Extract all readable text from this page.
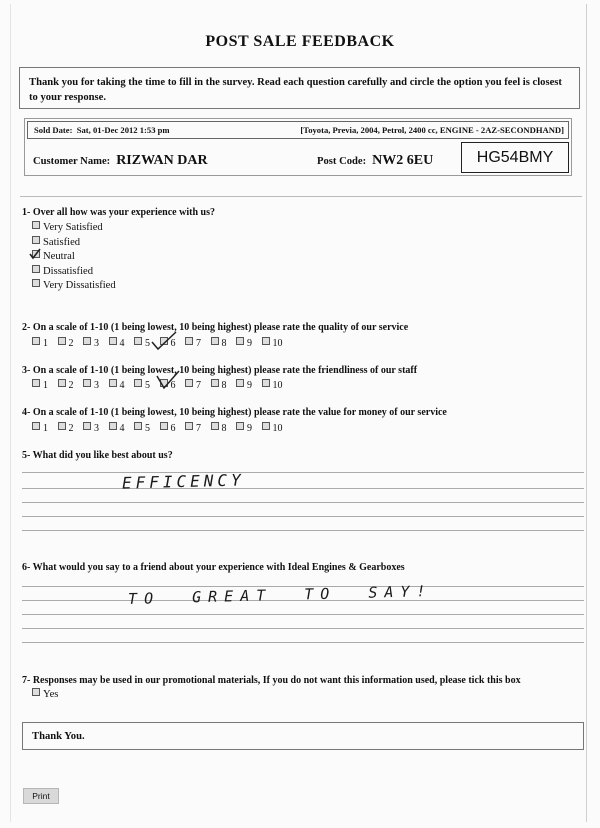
POST SALE FEEDBACK
Thank you for taking the time to fill in the survey. Read each question carefully and circle the option you feel is closest to your response.
Sold Date: Sat, 01-Dec 2012 1:53 pm	[Toyota, Previa, 2004, Petrol, 2400 cc, ENGINE - 2AZ-SECONDHAND]
Customer Name: RIZWAN DAR	Post Code: NW2 6EU	HG54BMY
1- Over all how was your experience with us?
Very Satisfied
Satisfied
Neutral
Dissatisfied
Very Dissatisfied
2- On a scale of 1-10 (1 being lowest, 10 being highest) please rate the quality of our service
1 2 3 4 5 6 7 8 9 10
3- On a scale of 1-10 (1 being lowest, 10 being highest) please rate the friendliness of our staff
1 2 3 4 5 6 7 8 9 10
4- On a scale of 1-10 (1 being lowest, 10 being highest) please rate the value for money of our service
1 2 3 4 5 6 7 8 9 10
5- What did you like best about us?
EFFICENCY
6- What would you say to a friend about your experience with Ideal Engines & Gearboxes
TO GREAT TO SAY!
7- Responses may be used in our promotional materials, If you do not want this information used, please tick this box
Yes
Thank You.
Print
